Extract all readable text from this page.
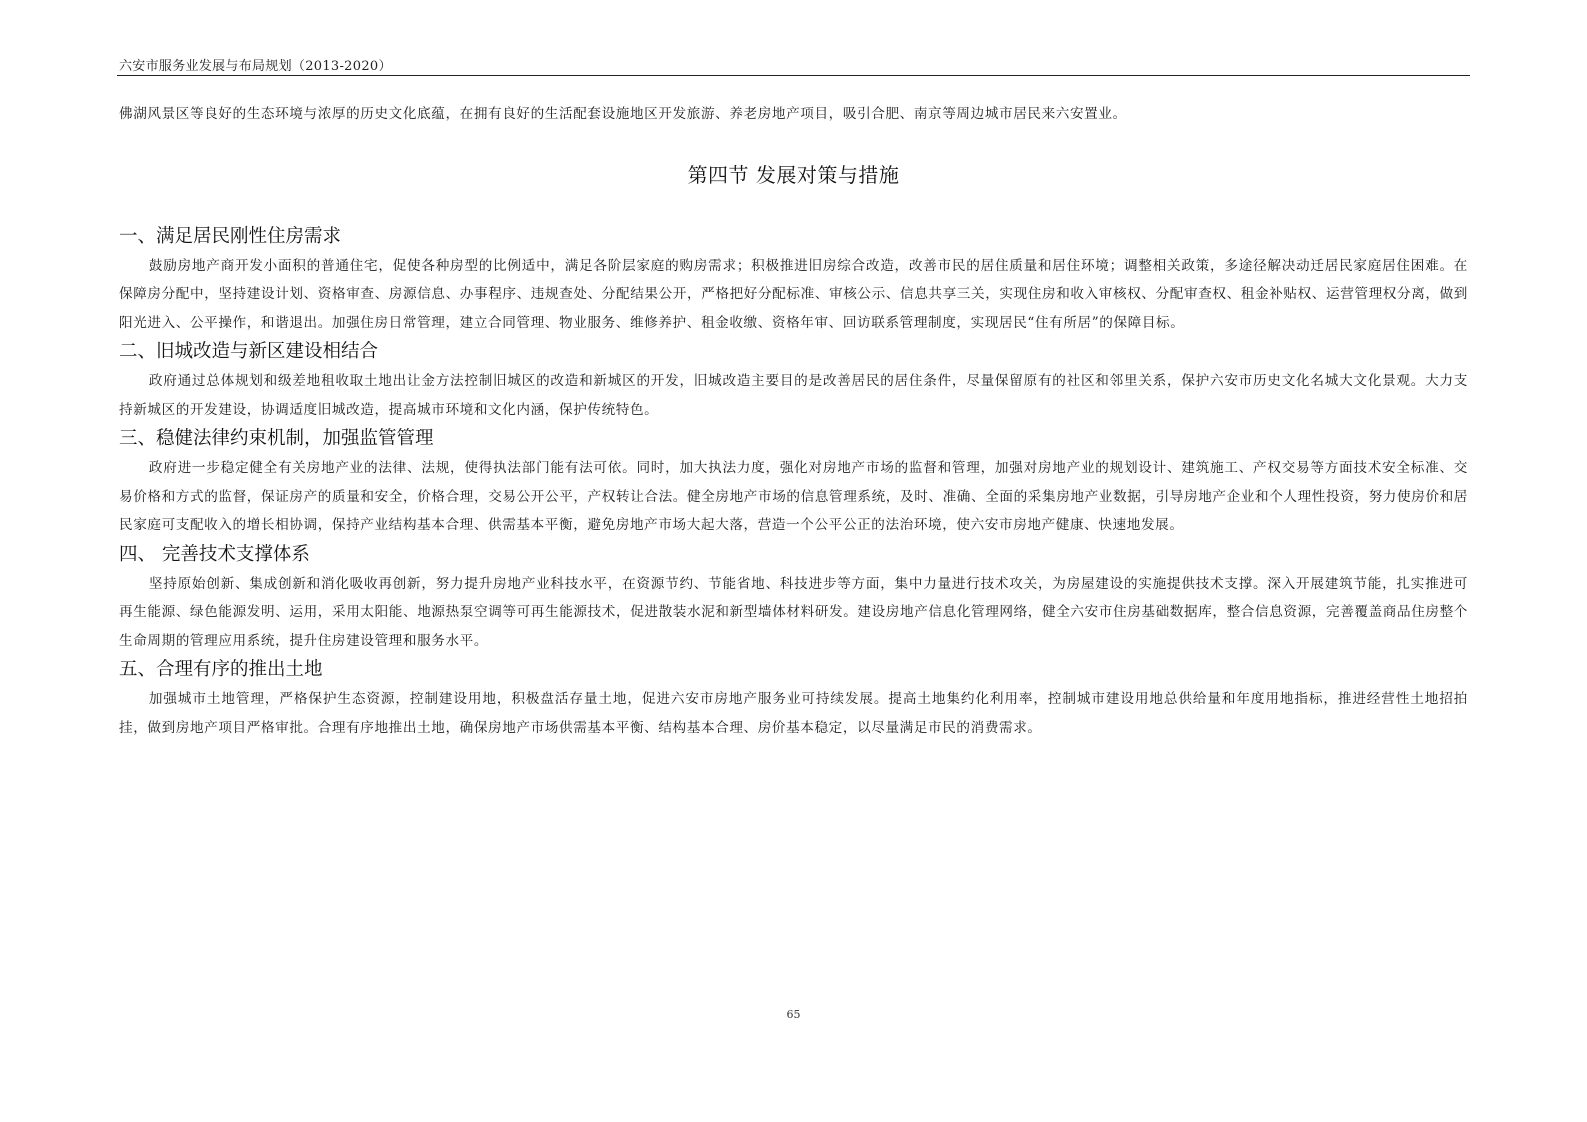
六安市服务业发展与布局规划（2013-2020）

佛湖风景区等良好的生态环境与浓厚的历史文化底蕴，在拥有良好的生活配套设施地区开发旅游、养老房地产项目，吸引合肥、南京等周边城市居民来六安置业。

第四节 发展对策与措施
一、满足居民刚性住房需求

鼓励房地产商开发小面积的普通住宅，促使各种房型的比例适中，满足各阶层家庭的购房需求；积极推进旧房综合改造，改善市民的居住质量和居住环境；调整相关政策，多途径解决动迁居民家庭居住困难。在保障房分配中，坚持建设计划、资格审查、房源信息、办事程序、违规查处、分配结果公开，严格把好分配标准、审核公示、信息共享三关，实现住房和收入审核权、分配审查权、租金补贴权、运营管理权分离，做到阳光进入、公平操作，和谐退出。加强住房日常管理，建立合同管理、物业服务、维修养护、租金收缴、资格年审、回访联系管理制度，实现居民“住有所居”的保障目标。

二、旧城改造与新区建设相结合

政府通过总体规划和级差地租收取土地出让金方法控制旧城区的改造和新城区的开发，旧城改造主要目的是改善居民的居住条件，尽量保留原有的社区和邻里关系，保护六安市历史文化名城大文化景观。大力支持新城区的开发建设，协调适度旧城改造，提高城市环境和文化内涵，保护传统特色。

三、稳健法律约束机制，加强监管管理

政府进一步稳定健全有关房地产业的法律、法规，使得执法部门能有法可依。同时，加大执法力度，强化对房地产市场的监督和管理，加强对房地产业的规划设计、建筑施工、产权交易等方面技术安全标准、交易价格和方式的监督，保证房产的质量和安全，价格合理，交易公开公平，产权转让合法。健全房地产市场的信息管理系统，及时、准确、全面的采集房地产业数据，引导房地产企业和个人理性投资，努力使房价和居民家庭可支配收入的增长相协调，保持产业结构基本合理、供需基本平衡，避免房地产市场大起大落，营造一个公平公正的法治环境，使六安市房地产健康、快速地发展。

四、 完善技术支撑体系

坚持原始创新、集成创新和消化吸收再创新，努力提升房地产业科技水平，在资源节约、节能省地、科技进步等方面，集中力量进行技术攻关，为房屋建设的实施提供技术支撑。深入开展建筑节能，扎实推进可再生能源、绿色能源发明、运用，采用太阳能、地源热泵空调等可再生能源技术，促进散装水泥和新型墙体材料研发。建设房地产信息化管理网络，健全六安市住房基础数据库，整合信息资源，完善覆盖商品住房整个生命周期的管理应用系统，提升住房建设管理和服务水平。

五、合理有序的推出土地

加强城市土地管理，严格保护生态资源，控制建设用地，积极盘活存量土地，促进六安市房地产服务业可持续发展。提高土地集约化利用率，控制城市建设用地总供给量和年度用地指标，推进经营性土地招拍挂，做到房地产项目严格审批。合理有序地推出土地，确保房地产市场供需基本平衡、结构基本合理、房价基本稳定，以尽量满足市民的消费需求。

65
